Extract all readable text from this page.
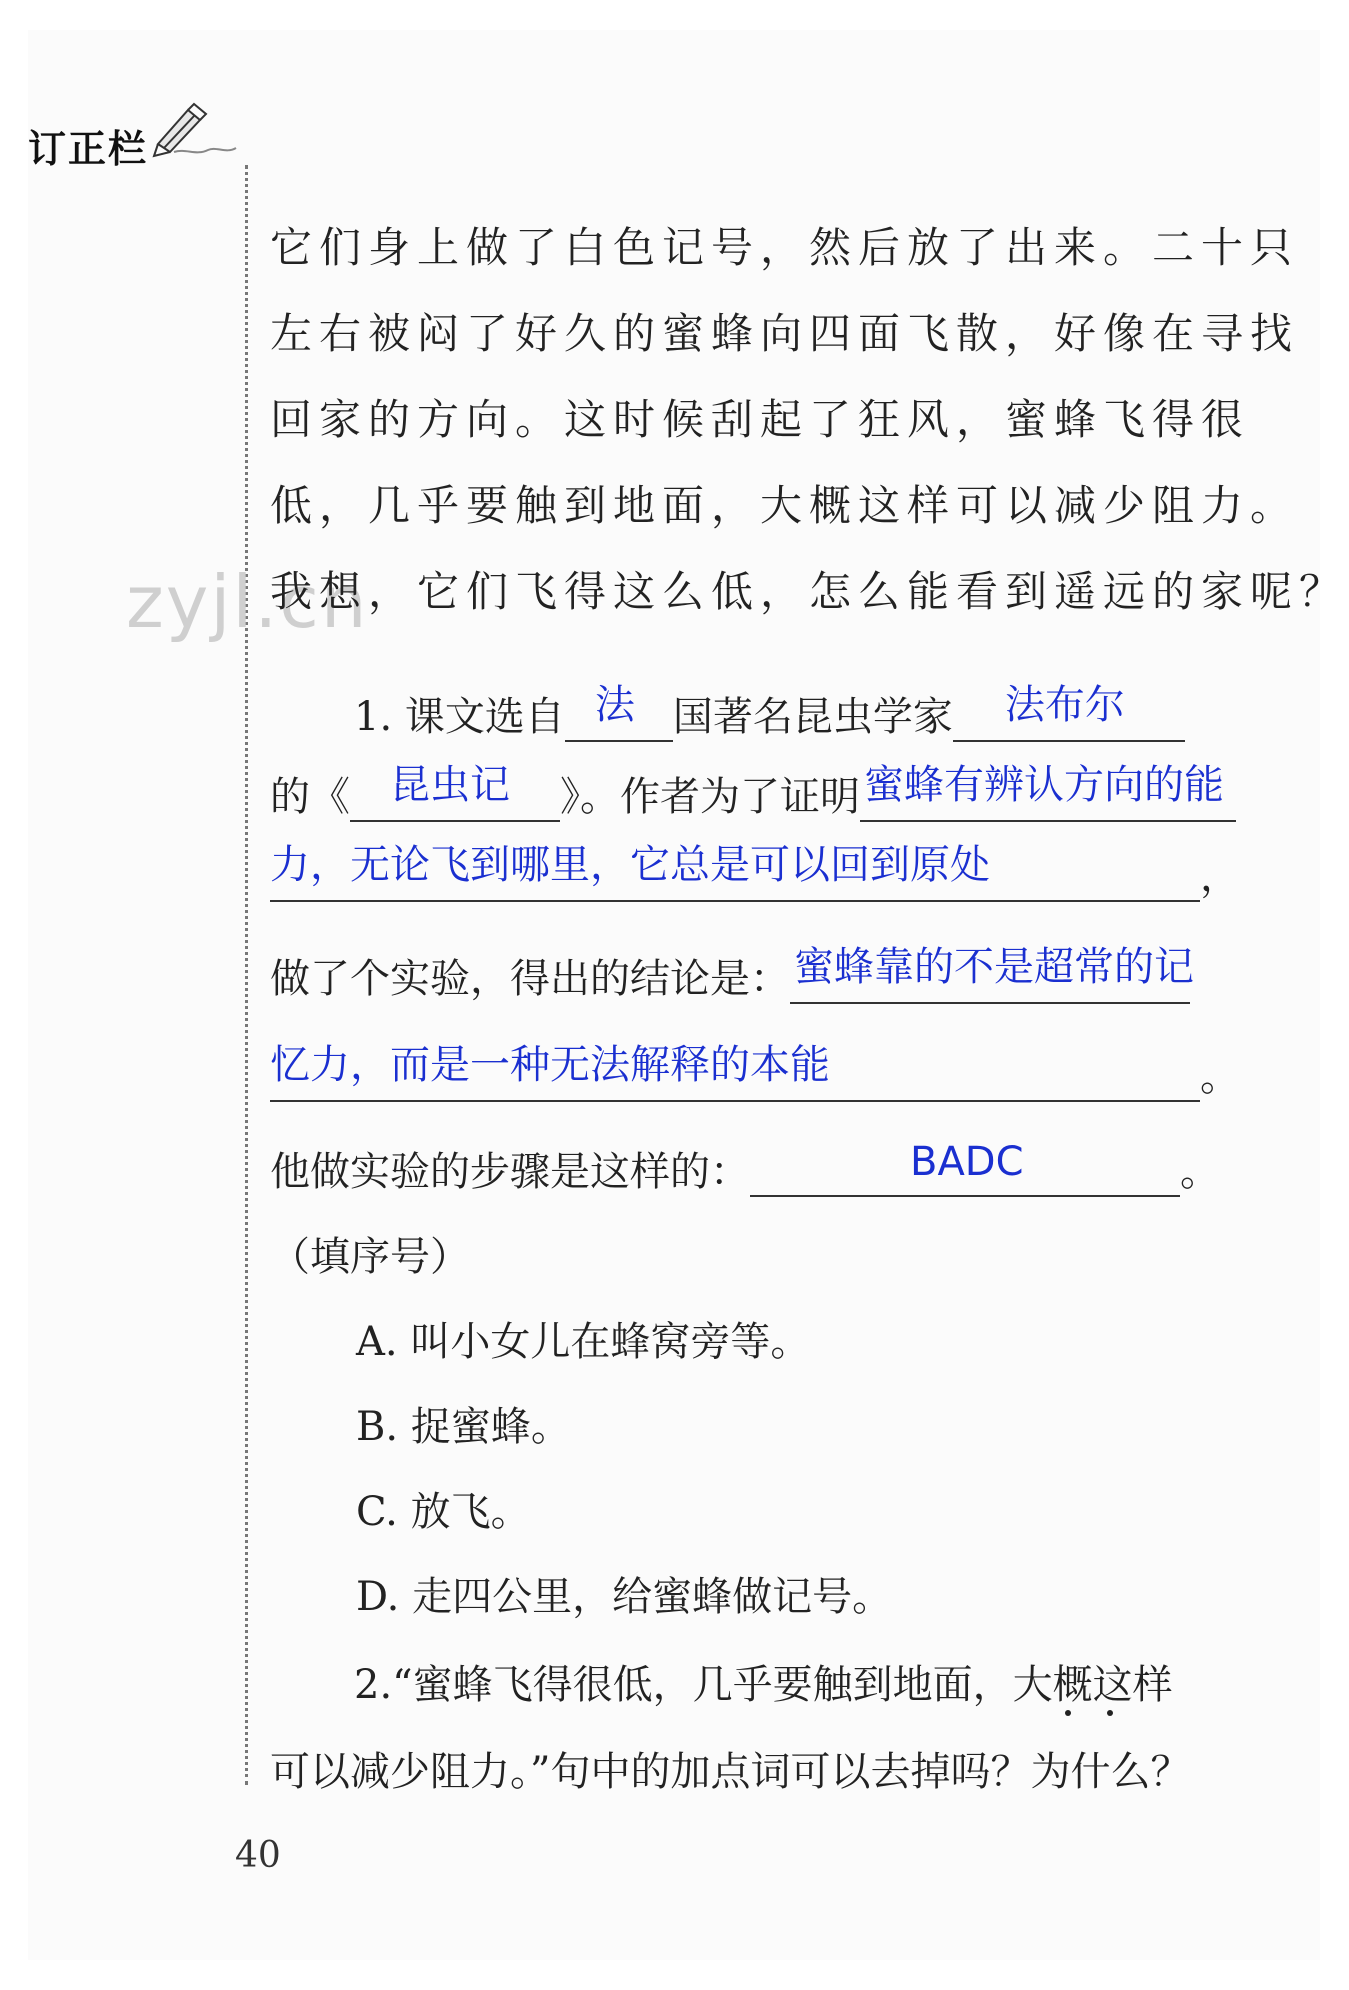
订正栏
zyjl.cn

它们身上做了白色记号，然后放了出来。二十只

左右被闷了好久的蜜蜂向四面飞散，好像在寻找

回家的方向。这时候刮起了狂风，蜜蜂飞得很

低，几乎要触到地面，大概这样可以减少阻力。

我想，它们飞得这么低，怎么能看到遥远的家呢？

1. 课文选自 法 国著名昆虫学家 法布尔
的《 昆虫记 》。作者为了证明 蜜蜂有辨认方向的能
力，无论飞到哪里，它总是可以回到原处	，
做了个实验，得出的结论是： 蜜蜂靠的不是超常的记
忆力，而是一种无法解释的本能	。
他做实验的步骤是这样的：	BADC	。
（填序号）
A. 叫小女儿在蜂窝旁等。
B. 捉蜜蜂。
C. 放飞。
D. 走四公里，给蜜蜂做记号。
2.“蜜蜂飞得很低，几乎要触到地面，大概这样
可以减少阻力。”句中的加点词可以去掉吗？为什么？
40
